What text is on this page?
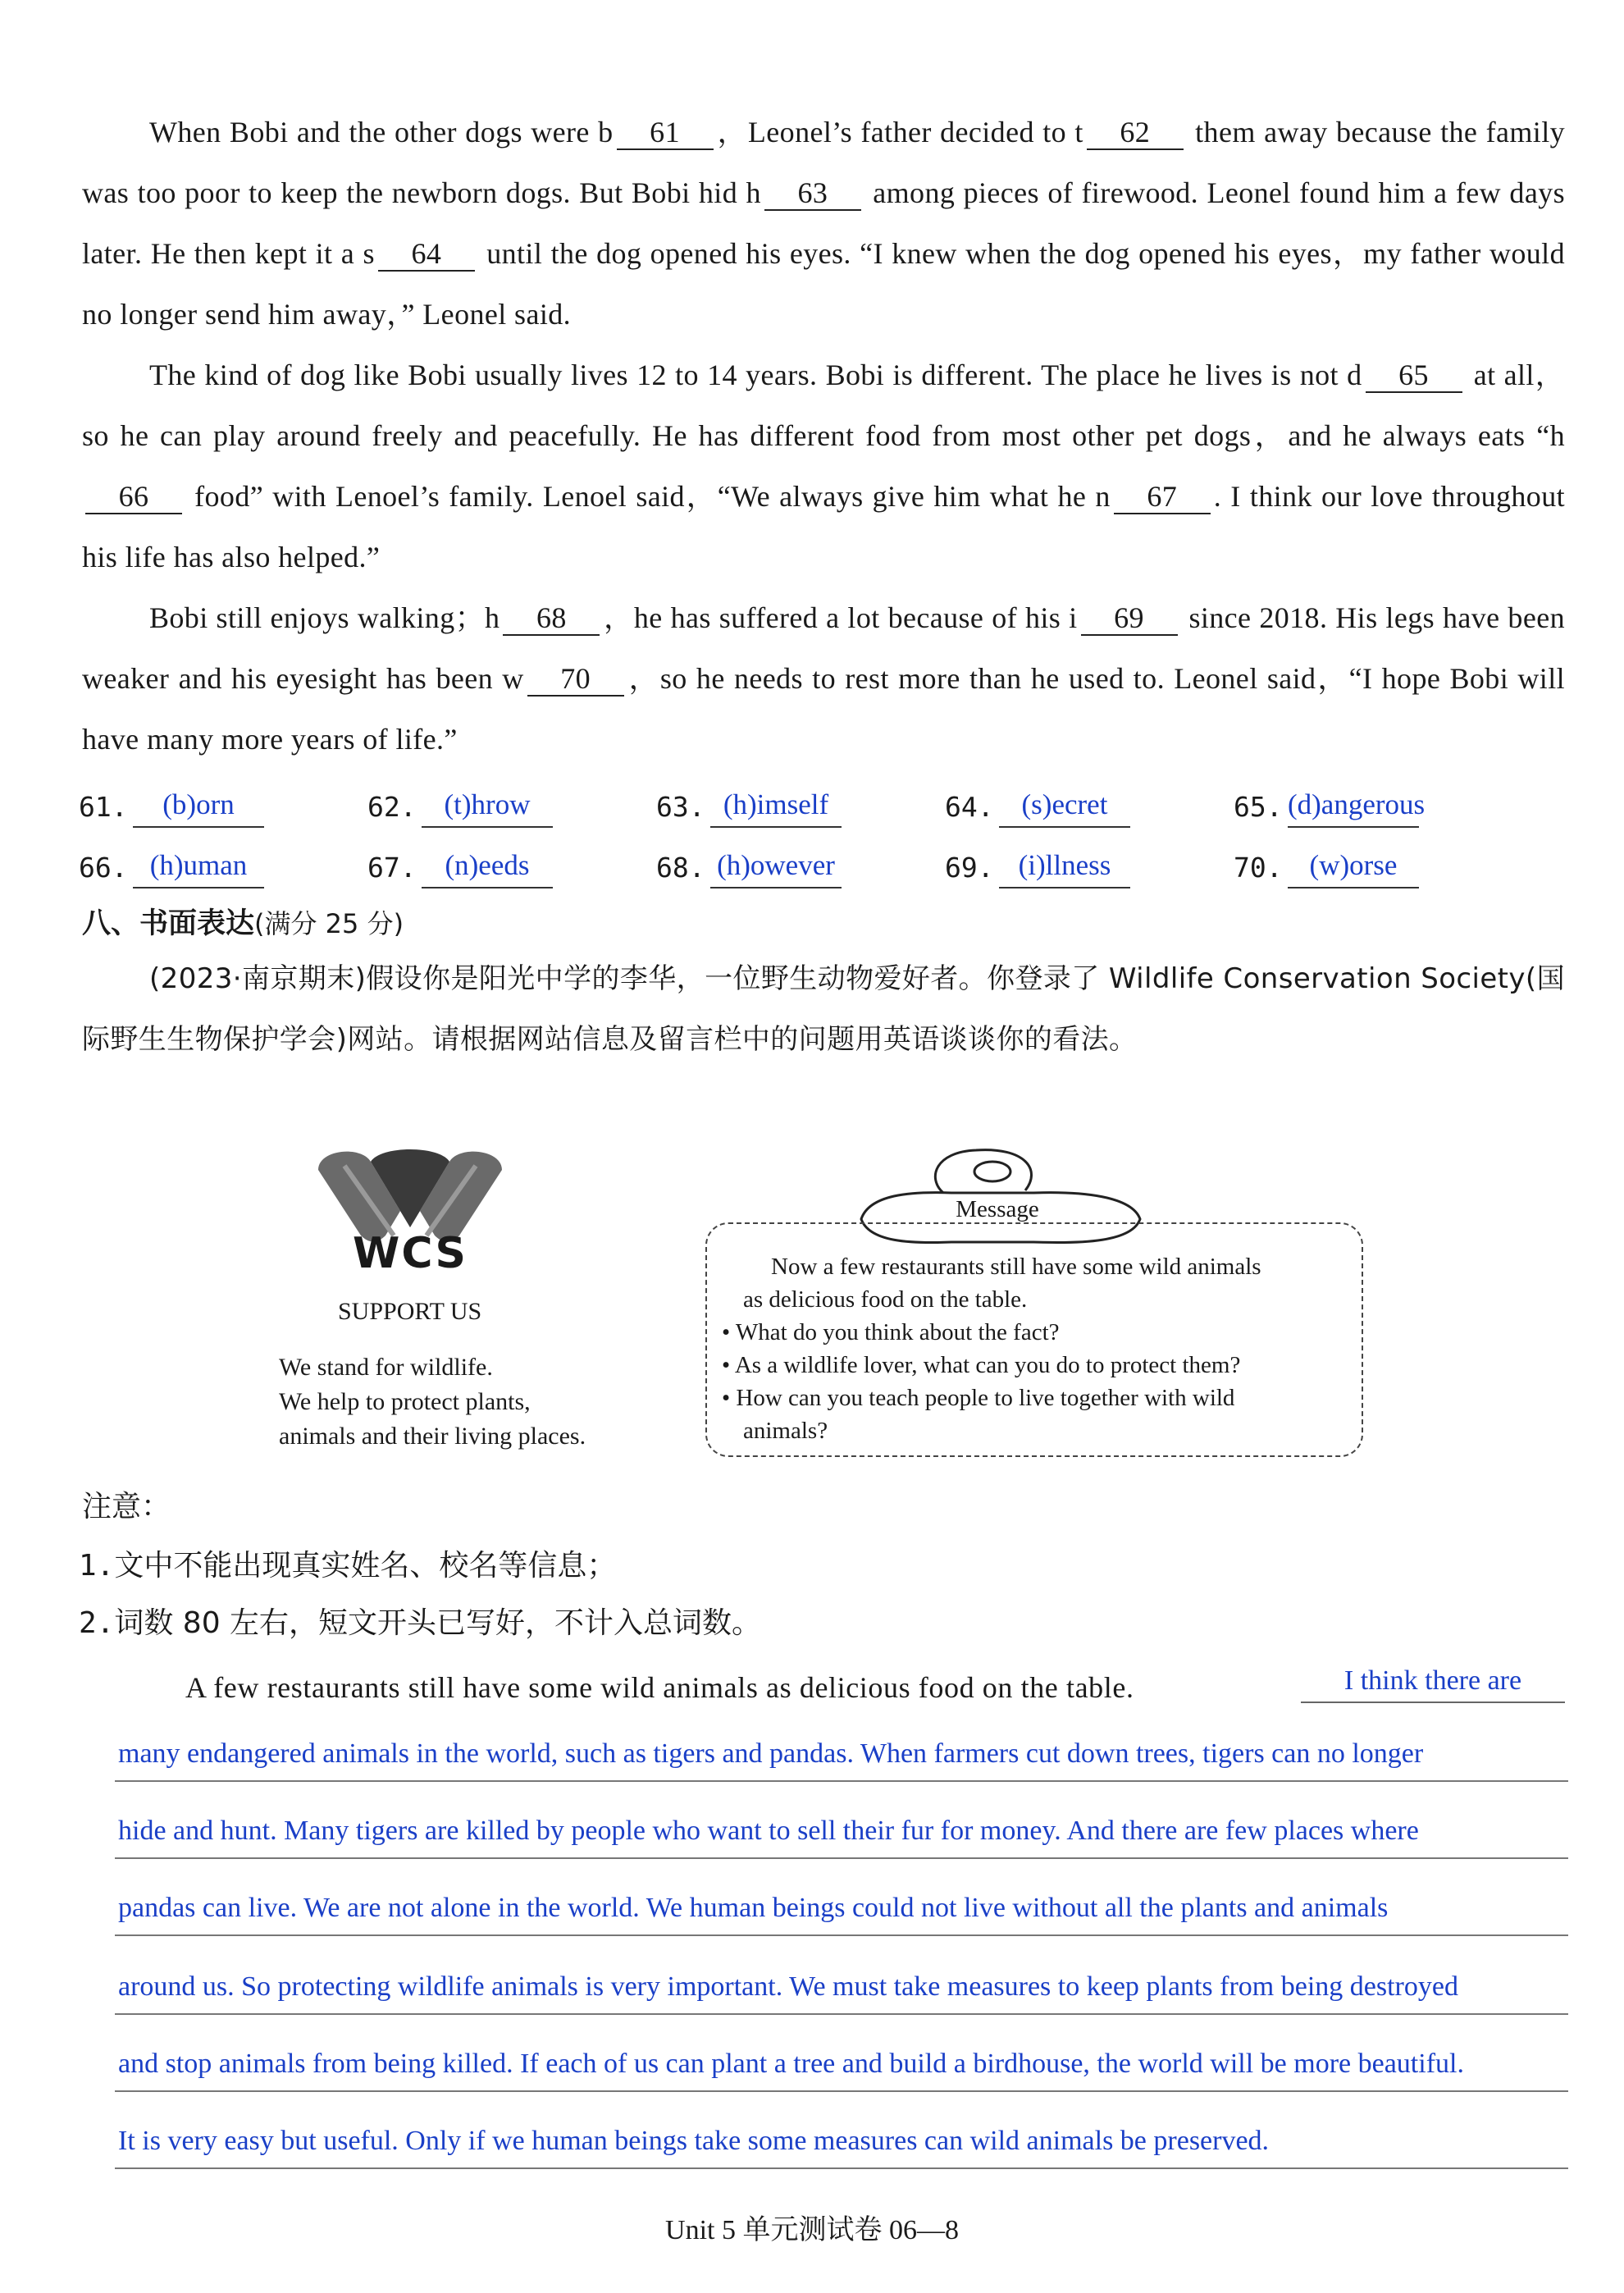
When Bobi and the other dogs were b 61 ，Leonel’s father decided to t 62 them away because the family was too poor to keep the newborn dogs. But Bobi hid h 63 among pieces of firewood. Leonel found him a few days later. He then kept it a s 64 until the dog opened his eyes. “I knew when the dog opened his eyes，my father would no longer send him away，” Leonel said.
The kind of dog like Bobi usually lives 12 to 14 years. Bobi is different. The place he lives is not d 65 at all，so he can play around freely and peacefully. He has different food from most other pet dogs，and he always eats “h66 food” with Lenoel’s family. Lenoel said，“We always give him what he n 67 . I think our love throughout his life has also helped.”
Bobi still enjoys walking；h 68 ，he has suffered a lot because of his i 69 since 2018. His legs have been weaker and his eyesight has been w 70 ，so he needs to rest more than he used to. Leonel said，“I hope Bobi will have many more years of life.”
61.	(b)orn	62. (t)hrow	63. (h)imself	64. (s)ecret	65. (d)angerous
66. (h)uman	67. (n)eeds	68. (h)owever	69. (i)llness	70. (w)orse
八、书面表达(满分 25 分)
(2023·南京期末)假设你是阳光中学的李华，一位野生动物爱好者。你登录了 Wildlife Conservation Society(国际野生生物保护学会)网站。请根据网站信息及留言栏中的问题用英语谈谈你的看法。
WCS
SUPPORT US
We stand for wildlife.
We help to protect plants,
animals and their living places.
Message
Now a few restaurants still have some wild animals
as delicious food on the table.
• What do you think about the fact?
• As a wildlife lover, what can you do to protect them?
• How can you teach people to live together with wild
animals?
注意：
1.文中不能出现真实姓名、校名等信息；
2.词数 80 左右，短文开头已写好，不计入总词数。
A few restaurants still have some wild animals as delicious food on the table.	I think there are
many endangered animals in the world, such as tigers and pandas. When farmers cut down trees, tigers can no longer
hide and hunt. Many tigers are killed by people who want to sell their fur for money. And there are few places where
pandas can live. We are not alone in the world. We human beings could not live without all the plants and animals
around us. So protecting wildlife animals is very important. We must take measures to keep plants from being destroyed
and stop animals from being killed. If each of us can plant a tree and build a birdhouse, the world will be more beautiful.
It is very easy but useful. Only if we human beings take some measures can wild animals be preserved.
Unit 5 单元测试卷 06—8
